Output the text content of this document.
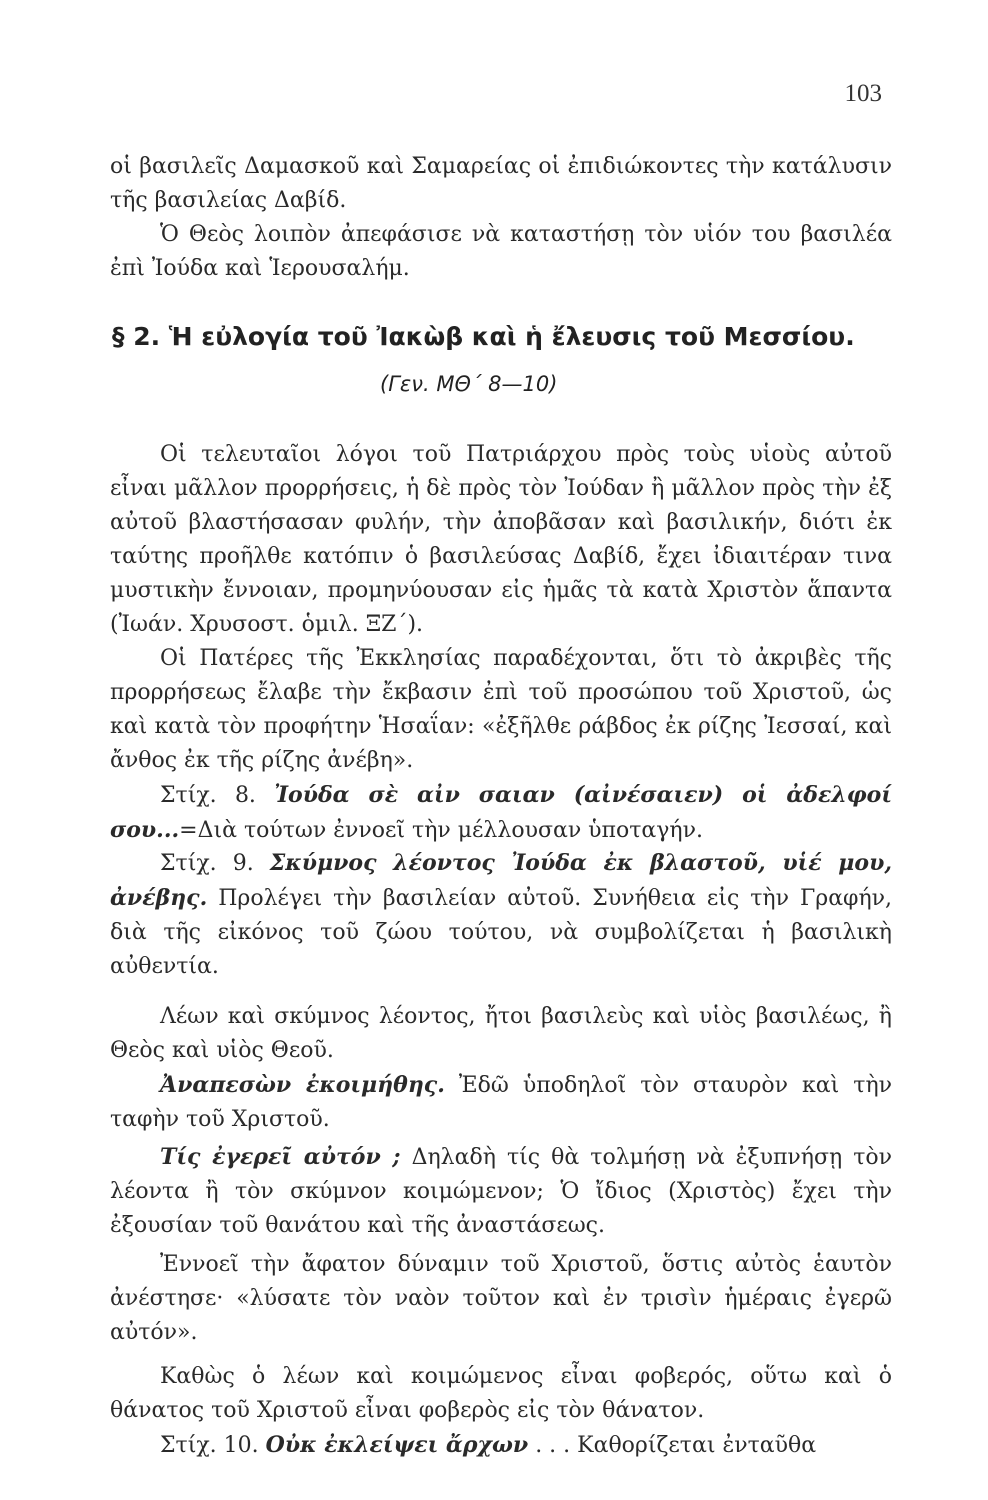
103

οἱ βασιλεῖς Δαμασκοῦ καὶ Σαμαρείας οἱ ἐπιδιώκοντες τὴν κατάλυσιν τῆς βασιλείας Δαβίδ.

Ὁ Θεὸς λοιπὸν ἀπεφάσισε νὰ καταστήσῃ τὸν υἱόν του βασιλέα ἐπὶ Ἰούδα καὶ Ἱερουσαλήμ.

§ 2. Ἡ εὐλογία τοῦ Ἰακὼβ καὶ ἡ ἔλευσις τοῦ Μεσσίου.

(Γεν. ΜΘ΄ 8—10)

Οἱ τελευταῖοι λόγοι τοῦ Πατριάρχου πρὸς τοὺς υἱοὺς αὐτοῦ εἶναι μᾶλλον προρρήσεις, ἡ δὲ πρὸς τὸν Ἰούδαν ἢ μᾶλλον πρὸς τὴν ἐξ αὐτοῦ βλαστήσασαν φυλήν, τὴν ἀποβᾶσαν καὶ βασιλικήν, διότι ἐκ ταύτης προῆλθε κατόπιν ὁ βασιλεύσας Δαβίδ, ἔχει ἰδιαιτέραν τινα μυστικὴν ἔννοιαν, προμηνύουσαν εἰς ἡμᾶς τὰ κατὰ Χριστὸν ἅπαντα (Ἰωάν. Χρυσοστ. ὁμιλ. ΞΖ΄).

Οἱ Πατέρες τῆς Ἐκκλησίας παραδέχονται, ὅτι τὸ ἀκριβὲς τῆς προρρήσεως ἔλαβε τὴν ἔκβασιν ἐπὶ τοῦ προσώπου τοῦ Χριστοῦ, ὡς καὶ κατὰ τὸν προφήτην Ἡσαΐαν: «ἐξῆλθε ράβδος ἐκ ρίζης Ἰεσσαί, καὶ ἄνθος ἐκ τῆς ρίζης ἀνέβη».

Στίχ. 8. Ἰούδα σὲ αἰν σαιαν (αἰνέσαιεν) οἱ ἀδελφοί σου...=Διὰ τούτων ἐννοεῖ τὴν μέλλουσαν ὑποταγήν.

Στίχ. 9. Σκύμνος λέοντος Ἰούδα ἐκ βλαστοῦ, υἱέ μου, ἀνέβης. Προλέγει τὴν βασιλείαν αὐτοῦ. Συνήθεια εἰς τὴν Γραφήν, διὰ τῆς εἰκόνος τοῦ ζώου τούτου, νὰ συμβολίζεται ἡ βασιλικὴ αὐθεντία.

Λέων καὶ σκύμνος λέοντος, ἤτοι βασιλεὺς καὶ υἱὸς βασιλέως, ἢ Θεὸς καὶ υἱὸς Θεοῦ.

Ἀναπεσὼν ἐκοιμήθης. Ἐδῶ ὑποδηλοῖ τὸν σταυρὸν καὶ τὴν ταφὴν τοῦ Χριστοῦ.

Τίς ἐγερεῖ αὐτόν ; Δηλαδὴ τίς θὰ τολμήσῃ νὰ ἐξυπνήσῃ τὸν λέοντα ἢ τὸν σκύμνον κοιμώμενον; Ὁ ἴδιος (Χριστὸς) ἔχει τὴν ἐξουσίαν τοῦ θανάτου καὶ τῆς ἀναστάσεως.

Ἐννοεῖ τὴν ἄφατον δύναμιν τοῦ Χριστοῦ, ὅστις αὐτὸς ἑαυτὸν ἀνέστησε· «λύσατε τὸν ναὸν τοῦτον καὶ ἐν τρισὶν ἡμέραις ἐγερῶ αὐτόν».

Καθὼς ὁ λέων καὶ κοιμώμενος εἶναι φοβερός, οὕτω καὶ ὁ θάνατος τοῦ Χριστοῦ εἶναι φοβερὸς εἰς τὸν θάνατον.

Στίχ. 10. Οὐκ ἐκλείψει ἄρχων . . . Καθορίζεται ἐνταῦθα
